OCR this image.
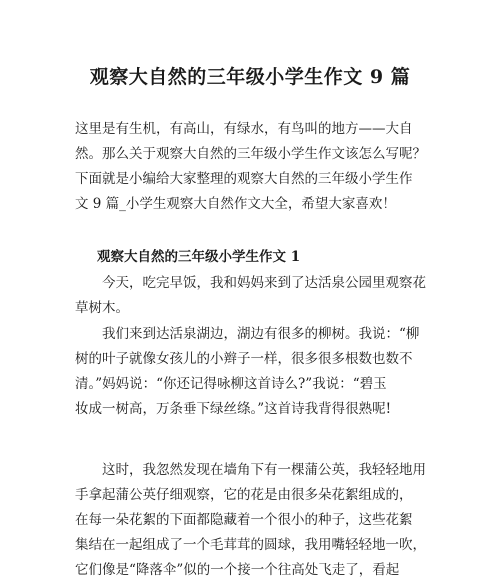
观察大自然的三年级小学生作文 9 篇

这里是有生机，有高山，有绿水，有鸟叫的地方——大自
然。那么关于观察大自然的三年级小学生作文该怎么写呢？
下面就是小编给大家整理的观察大自然的三年级小学生作
文 9 篇_小学生观察大自然作文大全，希望大家喜欢！

观察大自然的三年级小学生作文 1

　　今天，吃完早饭，我和妈妈来到了达活泉公园里观察花
草树木。

　　我们来到达活泉湖边，湖边有很多的柳树。我说：“柳
树的叶子就像女孩儿的小辫子一样，很多很多根数也数不
清。”妈妈说：“你还记得咏柳这首诗么?”我说：“碧玉
妆成一树高，万条垂下绿丝绦。”这首诗我背得很熟呢!

　　这时，我忽然发现在墙角下有一棵蒲公英，我轻轻地用
手拿起蒲公英仔细观察，它的花是由很多朵花絮组成的，
在每一朵花絮的下面都隐藏着一个很小的种子，这些花絮
集结在一起组成了一个毛茸茸的圆球，我用嘴轻轻地一吹，
它们像是“降落伞”似的一个接一个往高处飞走了，看起
